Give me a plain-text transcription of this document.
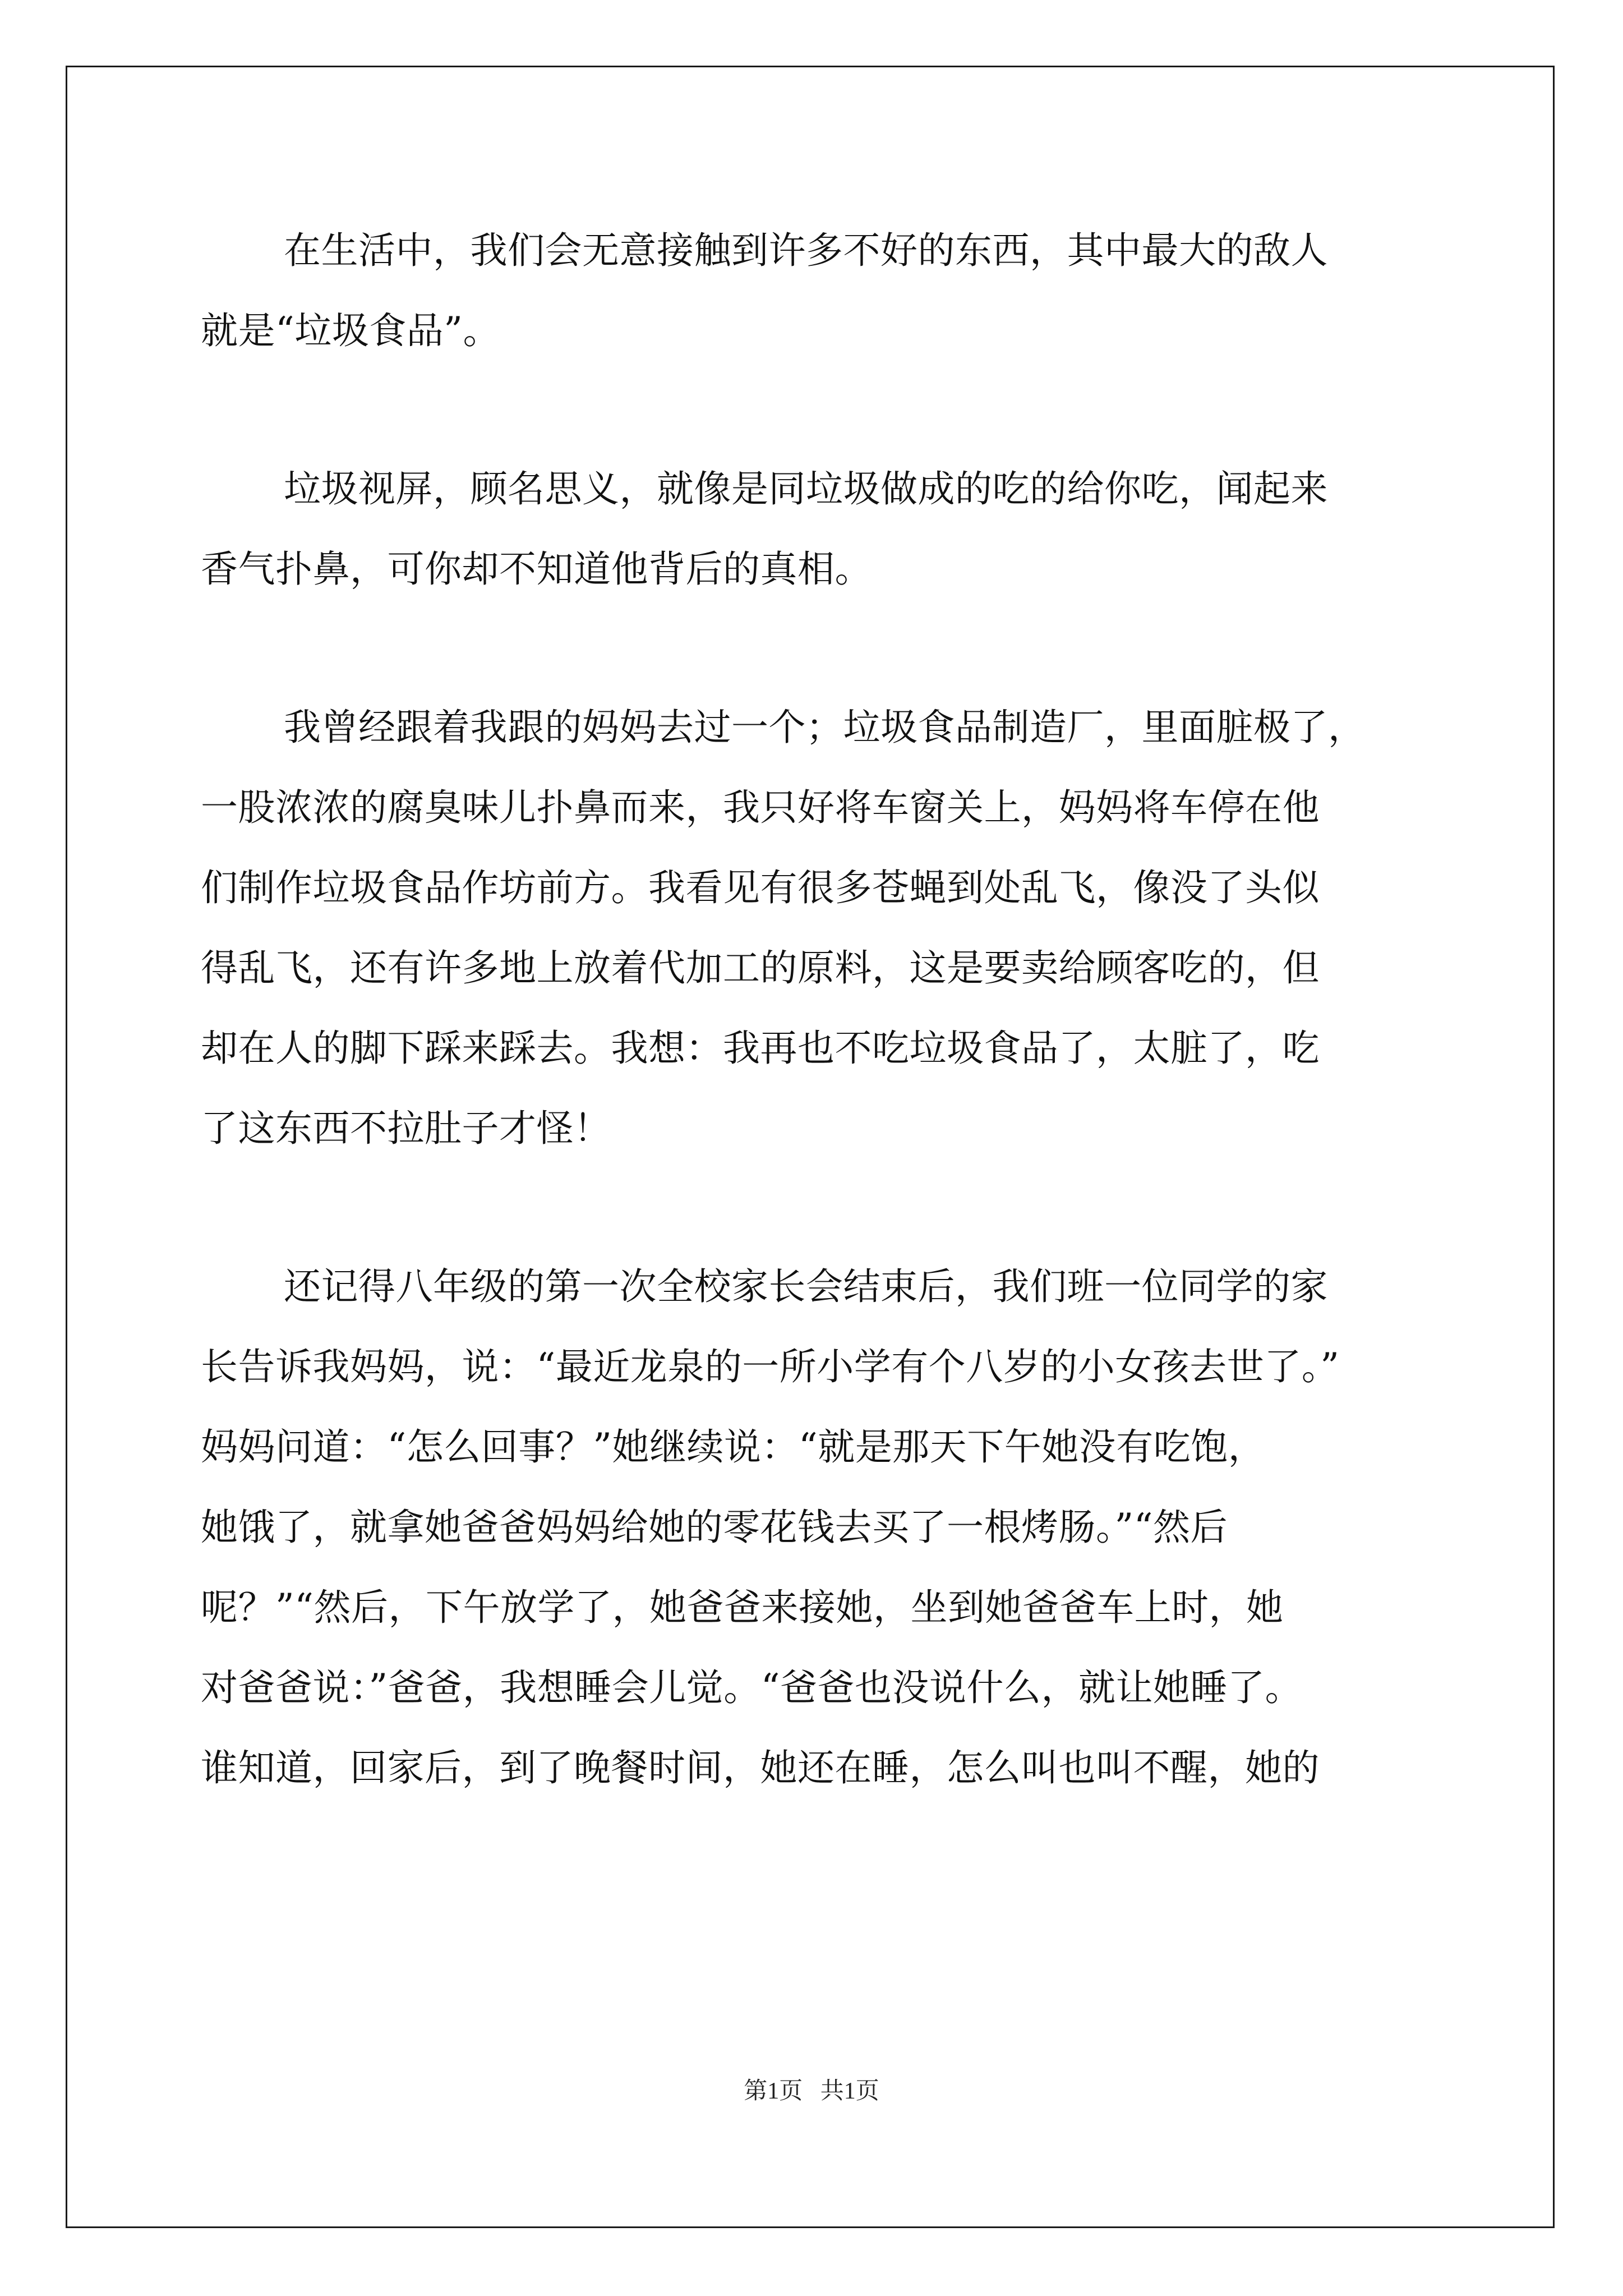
在生活中，我们会无意接触到许多不好的东西，其中最大的敌人
就是“垃圾食品”。
垃圾视屏，顾名思义，就像是同垃圾做成的吃的给你吃，闻起来
香气扑鼻，可你却不知道他背后的真相。
我曾经跟着我跟的妈妈去过一个；垃圾食品制造厂，里面脏极了，
一股浓浓的腐臭味儿扑鼻而来，我只好将车窗关上，妈妈将车停在他
们制作垃圾食品作坊前方。我看见有很多苍蝇到处乱飞，像没了头似
得乱飞，还有许多地上放着代加工的原料，这是要卖给顾客吃的，但
却在人的脚下踩来踩去。我想：我再也不吃垃圾食品了，太脏了，吃
了这东西不拉肚子才怪！
还记得八年级的第一次全校家长会结束后，我们班一位同学的家
长告诉我妈妈，说：“最近龙泉的一所小学有个八岁的小女孩去世了。”
妈妈问道：“怎么回事？”她继续说：“就是那天下午她没有吃饱，
她饿了，就拿她爸爸妈妈给她的零花钱去买了一根烤肠。”“然后
呢？”“然后，下午放学了，她爸爸来接她，坐到她爸爸车上时，她
对爸爸说：”爸爸，我想睡会儿觉。“爸爸也没说什么，就让她睡了。
谁知道，回家后，到了晚餐时间，她还在睡，怎么叫也叫不醒，她的
第1页   共1页
